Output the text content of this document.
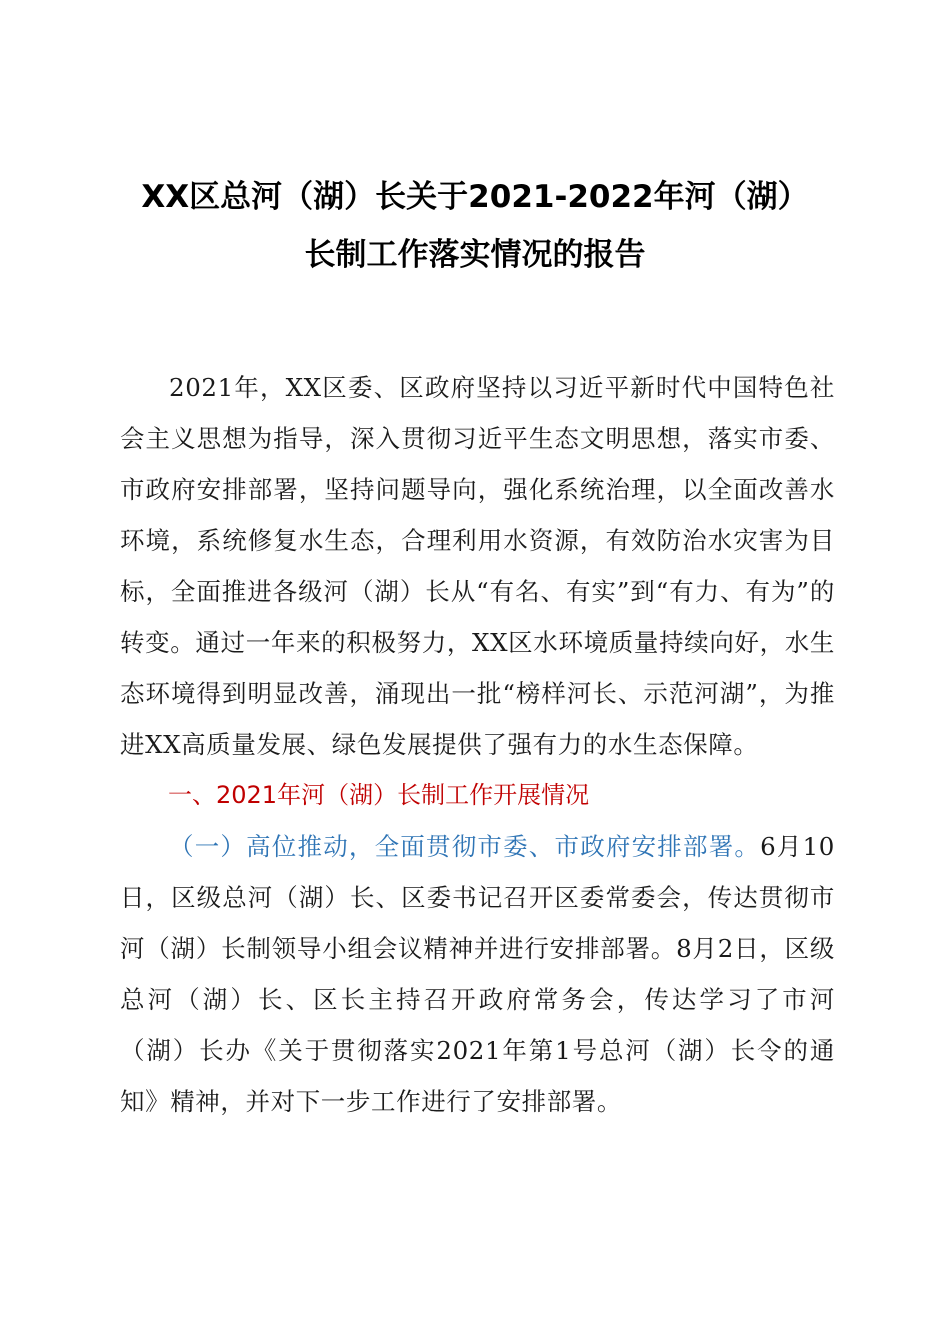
XX区总河（湖）长关于2021-2022年河（湖）
长制工作落实情况的报告

2021年，XX区委、区政府坚持以习近平新时代中国特色社会主义思想为指导，深入贯彻习近平生态文明思想，落实市委、市政府安排部署，坚持问题导向，强化系统治理，以全面改善水环境，系统修复水生态，合理利用水资源，有效防治水灾害为目标，全面推进各级河（湖）长从“有名、有实”到“有力、有为”的转变。通过一年来的积极努力，XX区水环境质量持续向好，水生态环境得到明显改善，涌现出一批“榜样河长、示范河湖”，为推进XX高质量发展、绿色发展提供了强有力的水生态保障。

一、2021年河（湖）长制工作开展情况

（一）高位推动，全面贯彻市委、市政府安排部署。6月10日，区级总河（湖）长、区委书记召开区委常委会，传达贯彻市河（湖）长制领导小组会议精神并进行安排部署。8月2日，区级总河（湖）长、区长主持召开政府常务会，传达学习了市河（湖）长办《关于贯彻落实2021年第1号总河（湖）长令的通知》精神，并对下一步工作进行了安排部署。
